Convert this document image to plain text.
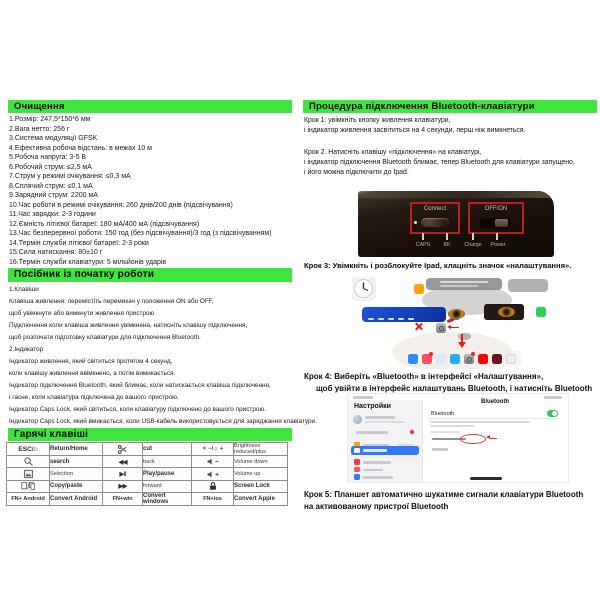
Очищення
1.Розмір: 247,5*150*6 мм
2.Вага нетто: 256 г
3.Система модуляції GFSK
4.Ефективна робоча відстань: в межах 10 м
5.Робоча напруга: 3-5 В
6.Робочий струм: ≤2,5 мА
7.Струм у режимі очікування: ≤0,3 мА
8.Сплячий струм: ≤0,1 мА
9.Зарядний струм: 2200 мА
10.Час роботи в режимі очікування: 260 днів/200 днів (підсвічування)
11.Час зарядки: 2-3 години
12.Ємність літієвої батареї: 180 мА/400 мА (підсвічування)
13.Час безперервної роботи: 150 год (без підсвічування)/3 год (з підсвічуванням)
14.Термін служби літієвої батареї: 2-3 роки
15.Сила натискання: 80±10 г
16.Термін служби клавіатури: 5 мільйонів ударів
Посібник із початку роботи
1.Клавіши
Клавіша живлення: перемістіть перемикач у положення ON або OFF,
щоб увімкнути або вимкнути живлення пристрою
Підключення коли клавіша живлення увімкнена, натисніть клавішу підключення,
щоб розпочати підготовку клавіатури для підключення Bluetooth.
2.Індикатор
Індикатор живлення, який світиться протягом 4 секунд,
коли клавішу живлення ввімкнено, а потім вимикається.
Індикатор підключення Bluetooth, який блимає, коли натискається клавіша підключення,
і гасне, коли клавіатура підключена до вашого пристрою.
Індикатор Caps Lock, який світиться, коли клавіатуру підключено до вашого пристрою.
Індикатор Caps Lock, який вмикається, коли USB-кабель використовується для заряджання клавіатури.
Гарячі клавіші
ESC/⌂	Return/Home		cut	☀ −/☼ +	Brightness reduced/plus
	search	◀◀	back	−	Volume down
	Selection	▶‖	Play/pause	+	Volume up
	Copy/paste	▶▶	forward		Screen Lock
FN+ Android	Convert Android	FN+win	Convert windows	FN+ios	Convert Apple
Процедура підключення Bluetooth-клавіатури
Крок 1: увімкніть кнопку живлення клавіатури,
і індикатор живлення засвітиться на 4 секунди, перш ніж вимкнеться.
Крок 2. Натисніть клавішу «підключення» на клавіатурі,
і індикатор підключення Bluetooth блимає, тепер Bluetooth для клавіатури запущено,
і його можна підключити до Ipad.
Connect	OFF/ON
CAPS BK	Charge Power
Крок 3: Увімкніть і розблокуйте Ipad, клацніть значок «налаштування».
Крок 4: Виберіть «Bluetooth» в інтерфейсі «Налаштування»,
щоб увійти в інтерфейс налаштувань Bluetooth, і натисніть Bluetooth
Настройки
Bluetooth
Bluetooth
Крок 5: Планшет автоматично шукатиме сигнали клавіатури Bluetooth
на активованому пристрої Bluetooth
